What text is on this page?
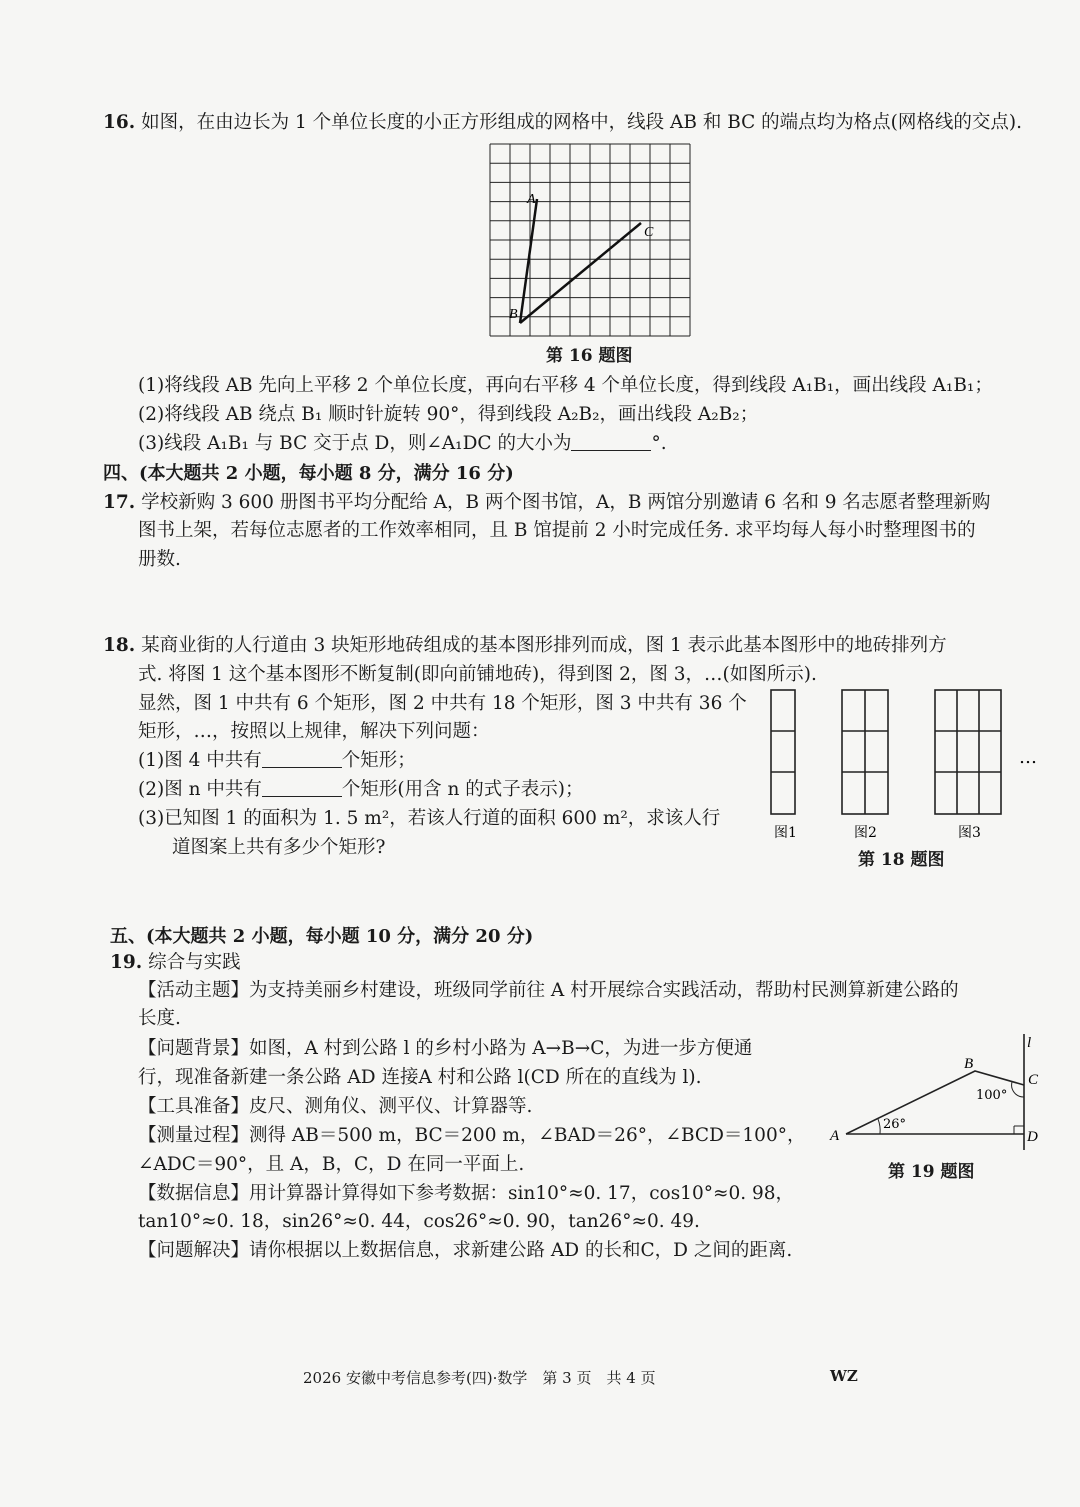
16. 如图，在由边长为 1 个单位长度的小正方形组成的网格中，线段 AB 和 BC 的端点均为格点(网格线的交点).
A
B
C
第 16 题图
(1)将线段 AB 先向上平移 2 个单位长度，再向右平移 4 个单位长度，得到线段 A₁B₁，画出线段 A₁B₁；
(2)将线段 AB 绕点 B₁ 顺时针旋转 90°，得到线段 A₂B₂，画出线段 A₂B₂；
(3)线段 A₁B₁ 与 BC 交于点 D，则∠A₁DC 的大小为	°.
四、(本大题共 2 小题，每小题 8 分，满分 16 分)
17. 学校新购 3 600 册图书平均分配给 A，B 两个图书馆，A，B 两馆分别邀请 6 名和 9 名志愿者整理新购
图书上架，若每位志愿者的工作效率相同，且 B 馆提前 2 小时完成任务. 求平均每人每小时整理图书的
册数.
18. 某商业街的人行道由 3 块矩形地砖组成的基本图形排列而成，图 1 表示此基本图形中的地砖排列方
式. 将图 1 这个基本图形不断复制(即向前铺地砖)，得到图 2，图 3，…(如图所示).
显然，图 1 中共有 6 个矩形，图 2 中共有 18 个矩形，图 3 中共有 36 个
矩形，…，按照以上规律，解决下列问题：
(1)图 4 中共有	个矩形；
(2)图 n 中共有	个矩形(用含 n 的式子表示)；
(3)已知图 1 的面积为 1. 5 m²，若该人行道的面积 600 m²，求该人行
道图案上共有多少个矩形?
图1	图2	图3
…
第 18 题图
五、(本大题共 2 小题，每小题 10 分，满分 20 分)
19. 综合与实践
【活动主题】为支持美丽乡村建设，班级同学前往 A 村开展综合实践活动，帮助村民测算新建公路的
长度.
【问题背景】如图，A 村到公路 l 的乡村小路为 A→B→C，为进一步方便通
行，现准备新建一条公路 AD 连接A 村和公路 l(CD 所在的直线为 l).
【工具准备】皮尺、测角仪、测平仪、计算器等.
【测量过程】测得 AB＝500 m，BC＝200 m，∠BAD＝26°，∠BCD＝100°，
∠ADC＝90°，且 A，B，C，D 在同一平面上.
【数据信息】用计算器计算得如下参考数据：sin10°≈0. 17，cos10°≈0. 98，
tan10°≈0. 18，sin26°≈0. 44，cos26°≈0. 90，tan26°≈0. 49.
【问题解决】请你根据以上数据信息，求新建公路 AD 的长和C，D 之间的距离.
A
B
C
D
l
100°
26°
第 19 题图
2026 安徽中考信息参考(四)·数学　第 3 页　共 4 页	WZ
